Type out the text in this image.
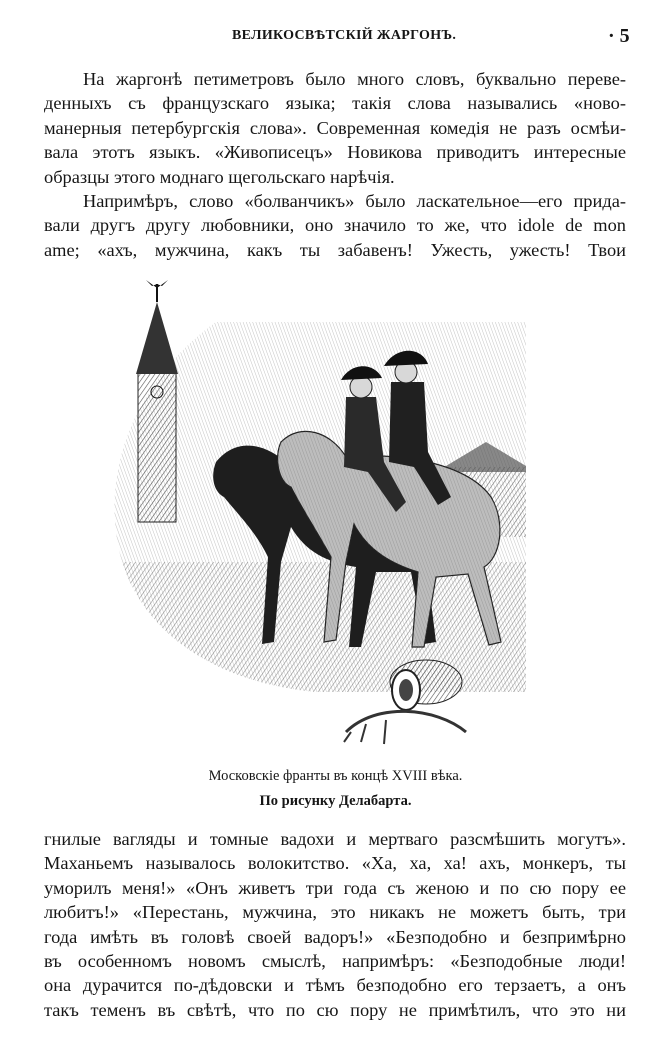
ВЕЛИКОСВѢТСКІЙ ЖАРГОНЪ.	· 5
На жаргонѣ петиметровъ было много словъ, буквально переве-
денныхъ съ французскаго языка; такія слова назывались «ново-
манерныя петербургскія слова». Современная комедія не разъ осмѣи-
вала этотъ языкъ. «Живописецъ» Новикова приводитъ интересные
образцы этого моднаго щегольскаго нарѣчія.
Напримѣръ, слово «болванчикъ» было ласкательное—его прида-
вали другъ другу любовники, оно значило то же, что idole de mon
ame; «ахъ, мужчина, какъ ты забавенъ! Ужесть, ужесть! Твои
Московскіе франты въ концѣ XVIII вѣка.
По рисунку Делабарта.
гнилые вагляды и томные вадохи и мертваго разсмѣшить могутъ».
Маханьемъ называлось волокитство. «Ха, ха, ха! ахъ, монкеръ, ты
уморилъ меня!» «Онъ живетъ три года съ женою и по сю пору ее
любитъ!» «Перестань, мужчина, это никакъ не можетъ быть, три
года имѣть въ головѣ своей вадоръ!» «Безподобно и безпримѣрно
въ особенномъ новомъ смыслѣ, напримѣръ: «Безподобные люди!
она дурачится по-дѣдовски и тѣмъ безподобно его терзаетъ, а онъ
такъ теменъ въ свѣтѣ, что по сю пору не примѣтилъ, что это ни
